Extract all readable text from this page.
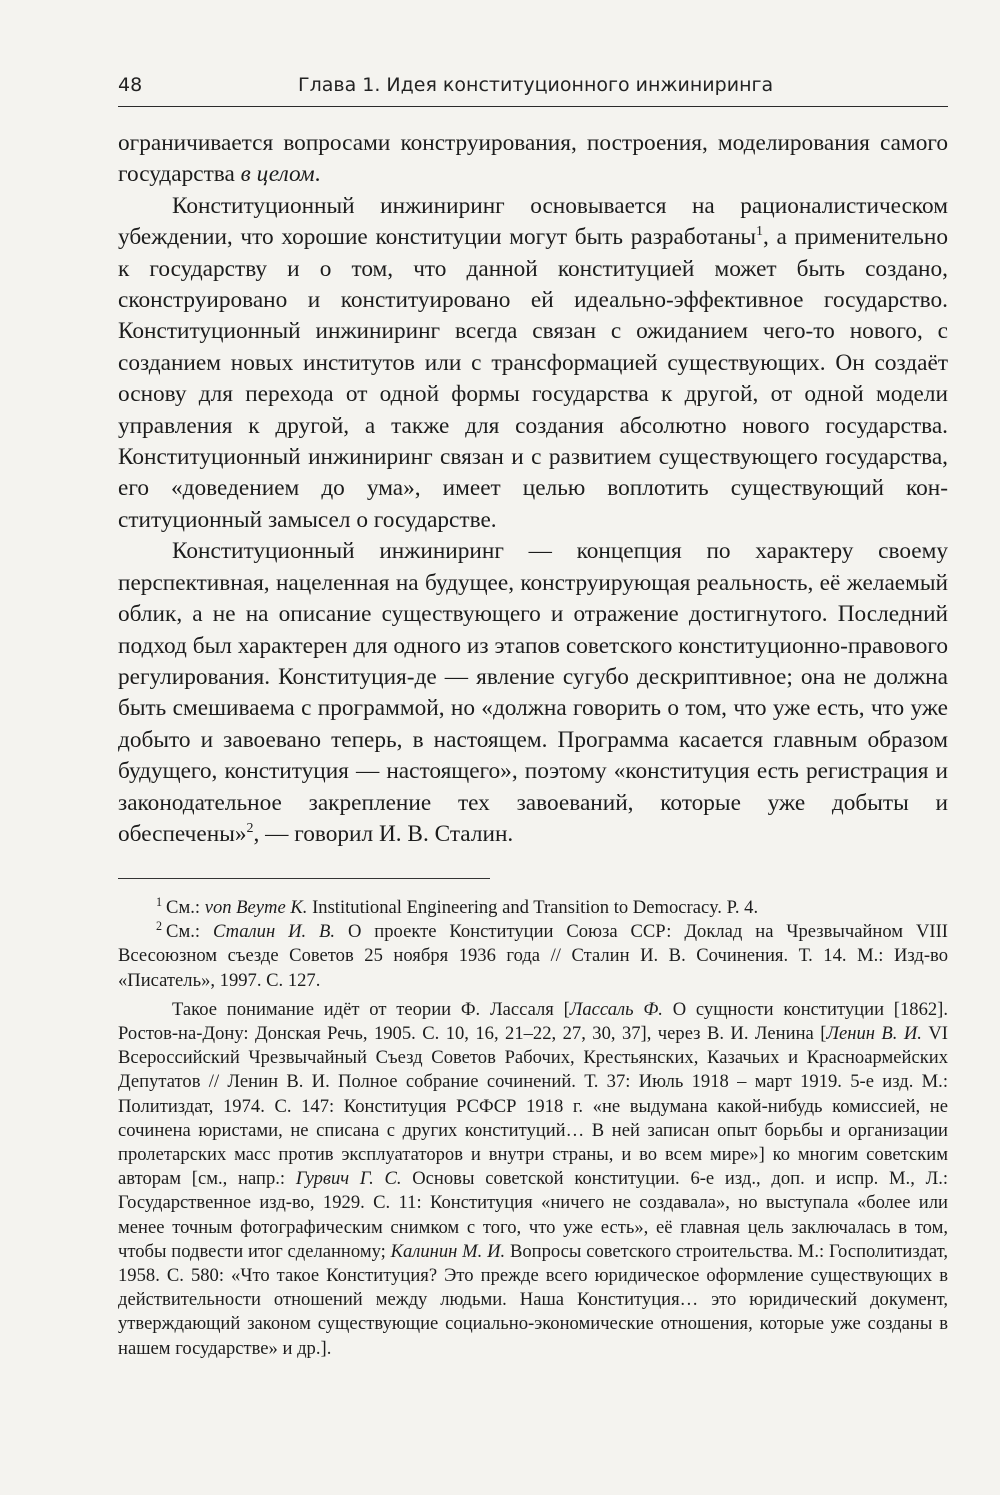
48	Глава 1. Идея конституционного инжиниринга

ограничивается вопросами конструирования, построения, моделирования самого государства в целом.

Конституционный инжиниринг основывается на рационалистическом убеждении, что хорошие конституции могут быть разработаны$^1$, а применительно к государству и о том, что данной конституцией может быть создано, сконструировано и конституировано ей идеально-эффективное государство. Конституционный инжиниринг всегда связан с ожиданием чего-то нового, с созданием новых институтов или с трансформацией существующих. Он создаёт основу для перехода от одной формы государства к другой, от одной модели управления к другой, а также для создания абсолютно нового государства. Конституционный инжиниринг связан и с развитием существующего государства, его «доведением до ума», имеет целью воплотить существующий конституционный замысел о государстве.

Конституционный инжиниринг — концепция по характеру своему перспективная, нацеленная на будущее, конструирующая реальность, её желаемый облик, а не на описание существующего и отражение достигнутого. Последний подход был характерен для одного из этапов советского конституционно-правового регулирования. Конституция-де — явление сугубо дескриптивное; она не должна быть смешиваема с программой, но «должна говорить о том, что уже есть, что уже добыто и завоевано теперь, в настоящем. Программа касается главным образом будущего, конституция — настоящего», поэтому «конституция есть регистрация и законодательное закрепление тех завоеваний, которые уже добыты и обеспечены»$^2$, — говорил И. В. Сталин.

$^1$ См.: von Beyme K. Institutional Engineering and Transition to Democracy. P. 4.

$^2$ См.: Сталин И. В. О проекте Конституции Союза ССР: Доклад на Чрезвычайном VIII Всесоюзном съезде Советов 25 ноября 1936 года // Сталин И. В. Сочинения. Т. 14. М.: Изд-во «Писатель», 1997. С. 127.

Такое понимание идёт от теории Ф. Лассаля [Лассаль Ф. О сущности конституции [1862]. Ростов-на-Дону: Донская Речь, 1905. С. 10, 16, 21–22, 27, 30, 37], через В. И. Ленина [Ленин В. И. VI Всероссийский Чрезвычайный Съезд Советов Рабочих, Крестьянских, Казачьих и Красноармейских Депутатов // Ленин В. И. Полное собрание сочинений. Т. 37: Июль 1918 – март 1919. 5-е изд. М.: Политиздат, 1974. С. 147: Конституция РСФСР 1918 г. «не выдумана какой-нибудь комиссией, не сочинена юристами, не списана с других конституций… В ней записан опыт борьбы и организации пролетарских масс против эксплуататоров и внутри страны, и во всем мире»] ко многим советским авторам [см., напр.: Гурвич Г. С. Основы советской конституции. 6-е изд., доп. и испр. М., Л.: Государственное изд-во, 1929. С. 11: Конституция «ничего не создавала», но выступала «более или менее точным фотографическим снимком с того, что уже есть», её главная цель заключалась в том, чтобы подвести итог сделанному; Калинин М. И. Вопросы советского строительства. М.: Госполитиздат, 1958. С. 580: «Что такое Конституция? Это прежде всего юридическое оформление существующих в действительности отношений между людьми. Наша Конституция… это юридический документ, утверждающий законом существующие социально-экономические отношения, которые уже созданы в нашем государстве» и др.].
